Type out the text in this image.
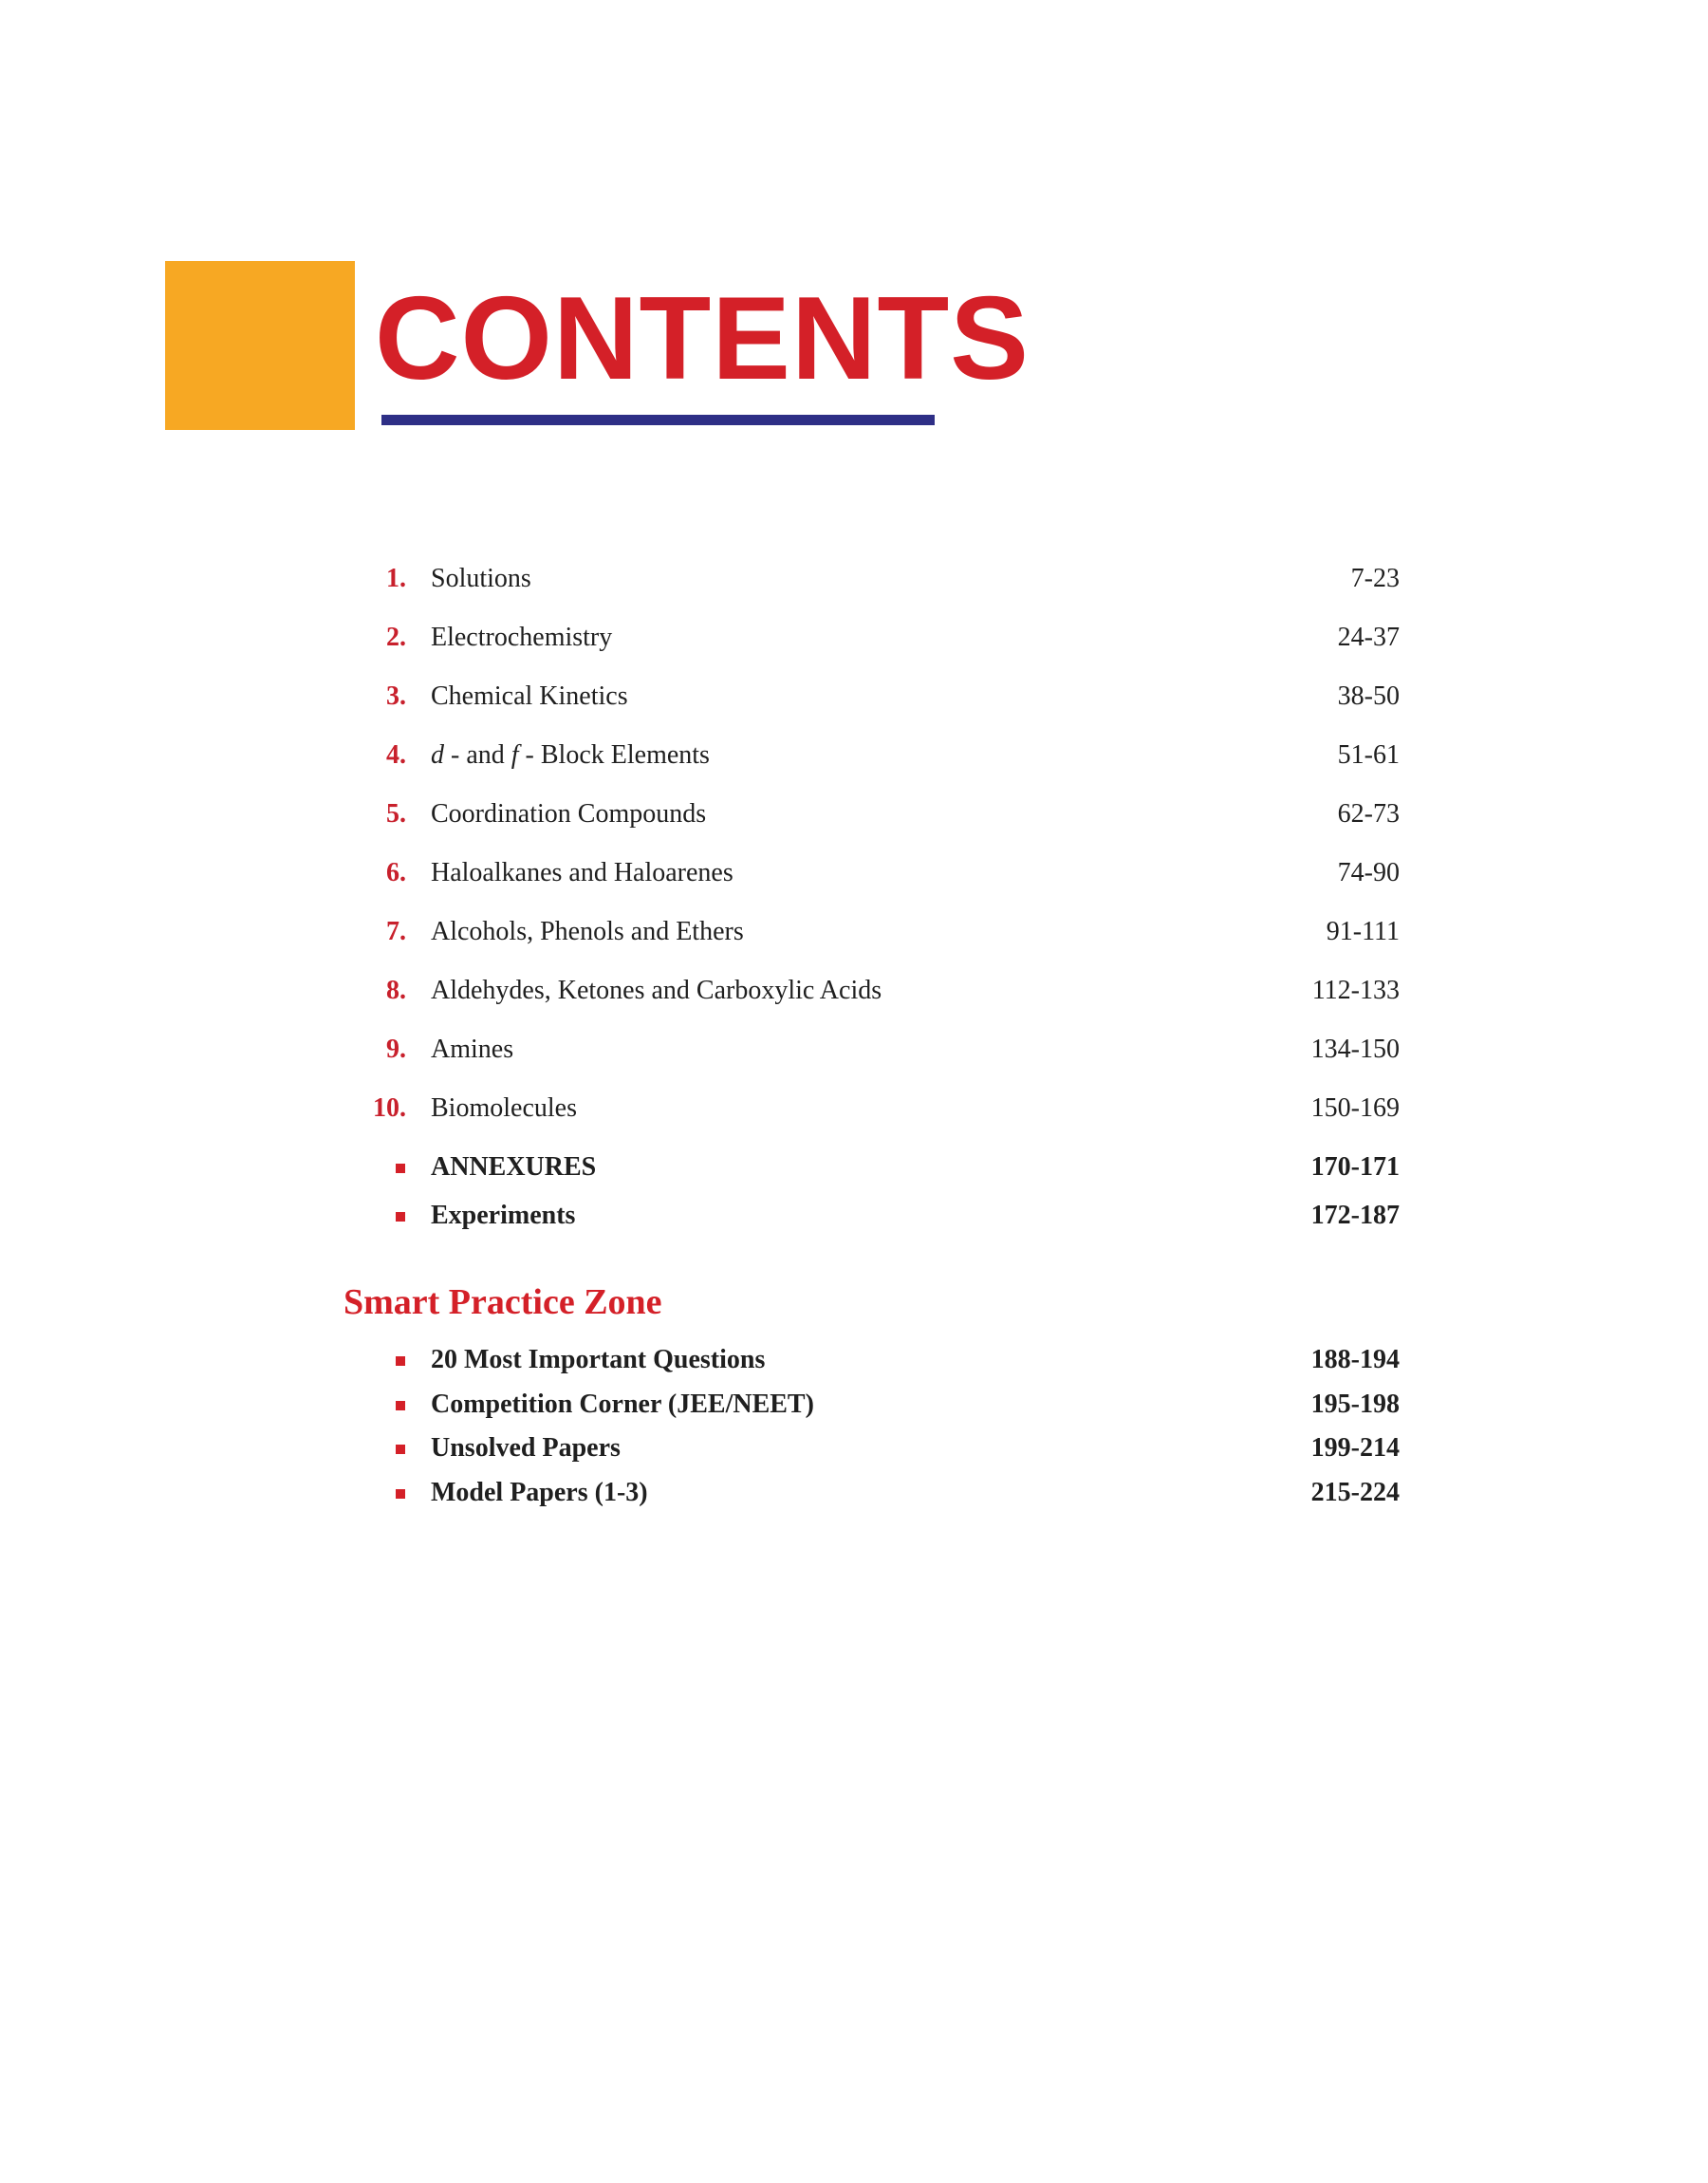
CONTENTS
1. Solutions	7-23
2. Electrochemistry	24-37
3. Chemical Kinetics	38-50
4. d - and f - Block Elements	51-61
5. Coordination Compounds	62-73
6. Haloalkanes and Haloarenes	74-90
7. Alcohols, Phenols and Ethers	91-111
8. Aldehydes, Ketones and Carboxylic Acids	112-133
9. Amines	134-150
10. Biomolecules	150-169
ANNEXURES	170-171
Experiments	172-187
Smart Practice Zone
20 Most Important Questions	188-194
Competition Corner (JEE/NEET)	195-198
Unsolved Papers	199-214
Model Papers (1-3)	215-224
